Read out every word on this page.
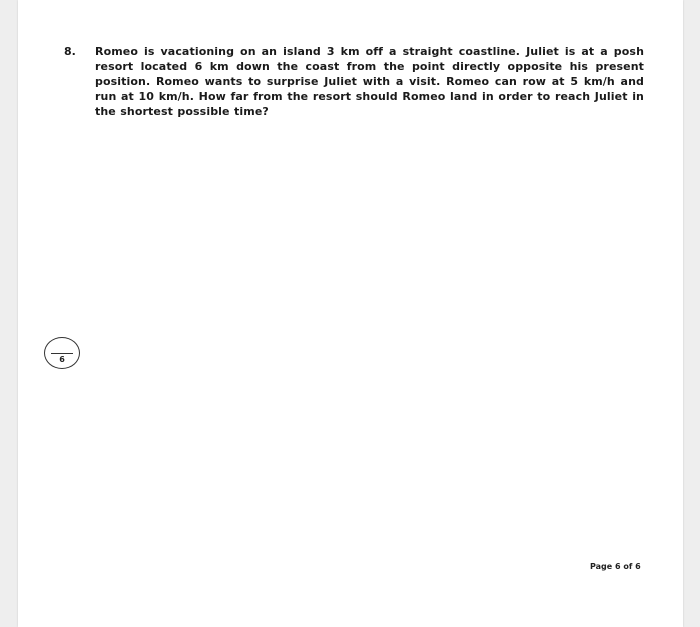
8. Romeo is vacationing on an island 3 km off a straight coastline. Juliet is at a posh resort located 6 km down the coast from the point directly opposite his present position. Romeo wants to surprise Juliet with a visit. Romeo can row at 5 km/h and run at 10 km/h. How far from the resort should Romeo land in order to reach Juliet in the shortest possible time?
6
Page 6 of 6
